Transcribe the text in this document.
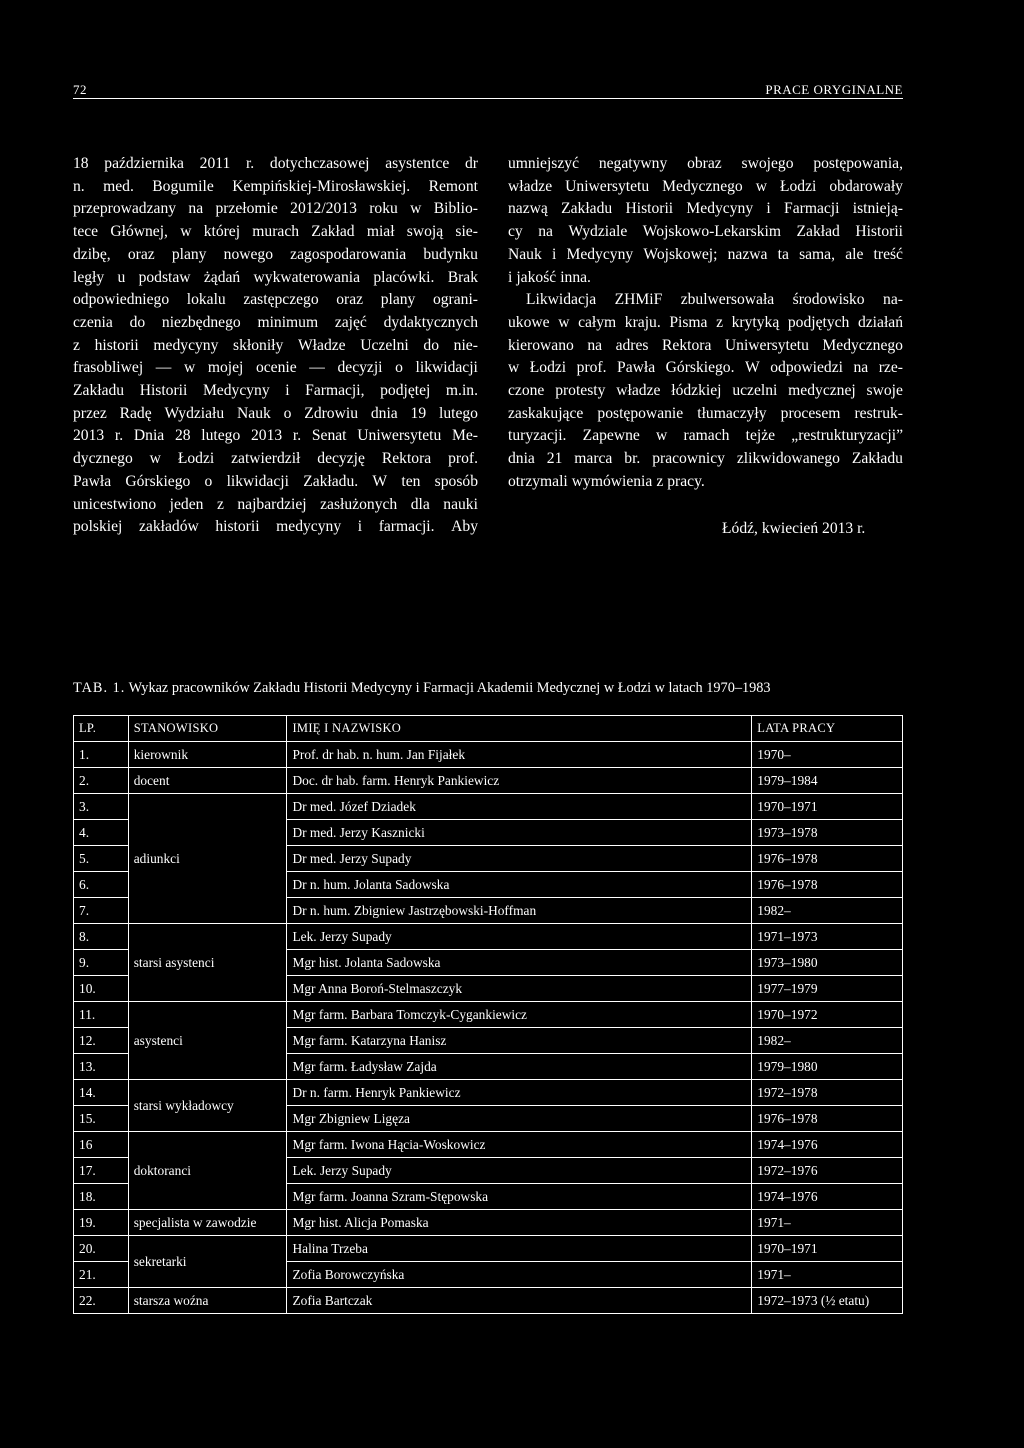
72	PRACE ORYGINALNE
18 października 2011 r. dotychczasowej asystentce dr
n. med. Bogumile Kempińskiej-Mirosławskiej. Remont
przeprowadzany na przełomie 2012/2013 roku w Biblio-
tece Głównej, w której murach Zakład miał swoją sie-
dzibę, oraz plany nowego zagospodarowania budynku
legły u podstaw żądań wykwaterowania placówki. Brak
odpowiedniego lokalu zastępczego oraz plany ograni-
czenia do niezbędnego minimum zajęć dydaktycznych
z historii medycyny skłoniły Władze Uczelni do nie-
frasobliwej — w mojej ocenie — decyzji o likwidacji
Zakładu Historii Medycyny i Farmacji, podjętej m.in.
przez Radę Wydziału Nauk o Zdrowiu dnia 19 lutego
2013 r. Dnia 28 lutego 2013 r. Senat Uniwersytetu Me-
dycznego w Łodzi zatwierdził decyzję Rektora prof.
Pawła Górskiego o likwidacji Zakładu. W ten sposób
unicestwiono jeden z najbardziej zasłużonych dla nauki
polskiej zakładów historii medycyny i farmacji. Aby
umniejszyć negatywny obraz swojego postępowania,
władze Uniwersytetu Medycznego w Łodzi obdarowały
nazwą Zakładu Historii Medycyny i Farmacji istnieją-
cy na Wydziale Wojskowo-Lekarskim Zakład Historii
Nauk i Medycyny Wojskowej; nazwa ta sama, ale treść
i jakość inna.
Likwidacja ZHMiF zbulwersowała środowisko na-
ukowe w całym kraju. Pisma z krytyką podjętych działań
kierowano na adres Rektora Uniwersytetu Medycznego
w Łodzi prof. Pawła Górskiego. W odpowiedzi na rze-
czone protesty władze łódzkiej uczelni medycznej swoje
zaskakujące postępowanie tłumaczyły procesem restruk-
turyzacji. Zapewne w ramach tejże „restrukturyzacji”
dnia 21 marca br. pracownicy zlikwidowanego Zakładu
otrzymali wymówienia z pracy.
Łódź, kwiecień 2013 r.
TAB. 1. Wykaz pracowników Zakładu Historii Medycyny i Farmacji Akademii Medycznej w Łodzi w latach 1970–1983
LP.	STANOWISKO	IMIĘ I NAZWISKO	LATA PRACY
1.	kierownik	Prof. dr hab. n. hum. Jan Fijałek	1970–
2.	docent	Doc. dr hab. farm. Henryk Pankiewicz	1979–1984
3.	adiunkci	Dr med. Józef Dziadek	1970–1971
4.		Dr med. Jerzy Kasznicki	1973–1978
5.		Dr med. Jerzy Supady	1976–1978
6.		Dr n. hum. Jolanta Sadowska	1976–1978
7.		Dr n. hum. Zbigniew Jastrzębowski-Hoffman	1982–
8.	starsi asystenci	Lek. Jerzy Supady	1971–1973
9.		Mgr hist. Jolanta Sadowska	1973–1980
10.		Mgr Anna Boroń-Stelmaszczyk	1977–1979
11.	asystenci	Mgr farm. Barbara Tomczyk-Cygankiewicz	1970–1972
12.		Mgr farm. Katarzyna Hanisz	1982–
13.		Mgr farm. Ładysław Zajda	1979–1980
14.	starsi wykładowcy	Dr n. farm. Henryk Pankiewicz	1972–1978
15.		Mgr Zbigniew Ligęza	1976–1978
16	doktoranci	Mgr farm. Iwona Hącia-Woskowicz	1974–1976
17.		Lek. Jerzy Supady	1972–1976
18.		Mgr farm. Joanna Szram-Stępowska	1974–1976
19.	specjalista w zawodzie	Mgr hist. Alicja Pomaska	1971–
20.	sekretarki	Halina Trzeba	1970–1971
21.		Zofia Borowczyńska	1971–
22.	starsza woźna	Zofia Bartczak	1972–1973 (½ etatu)
